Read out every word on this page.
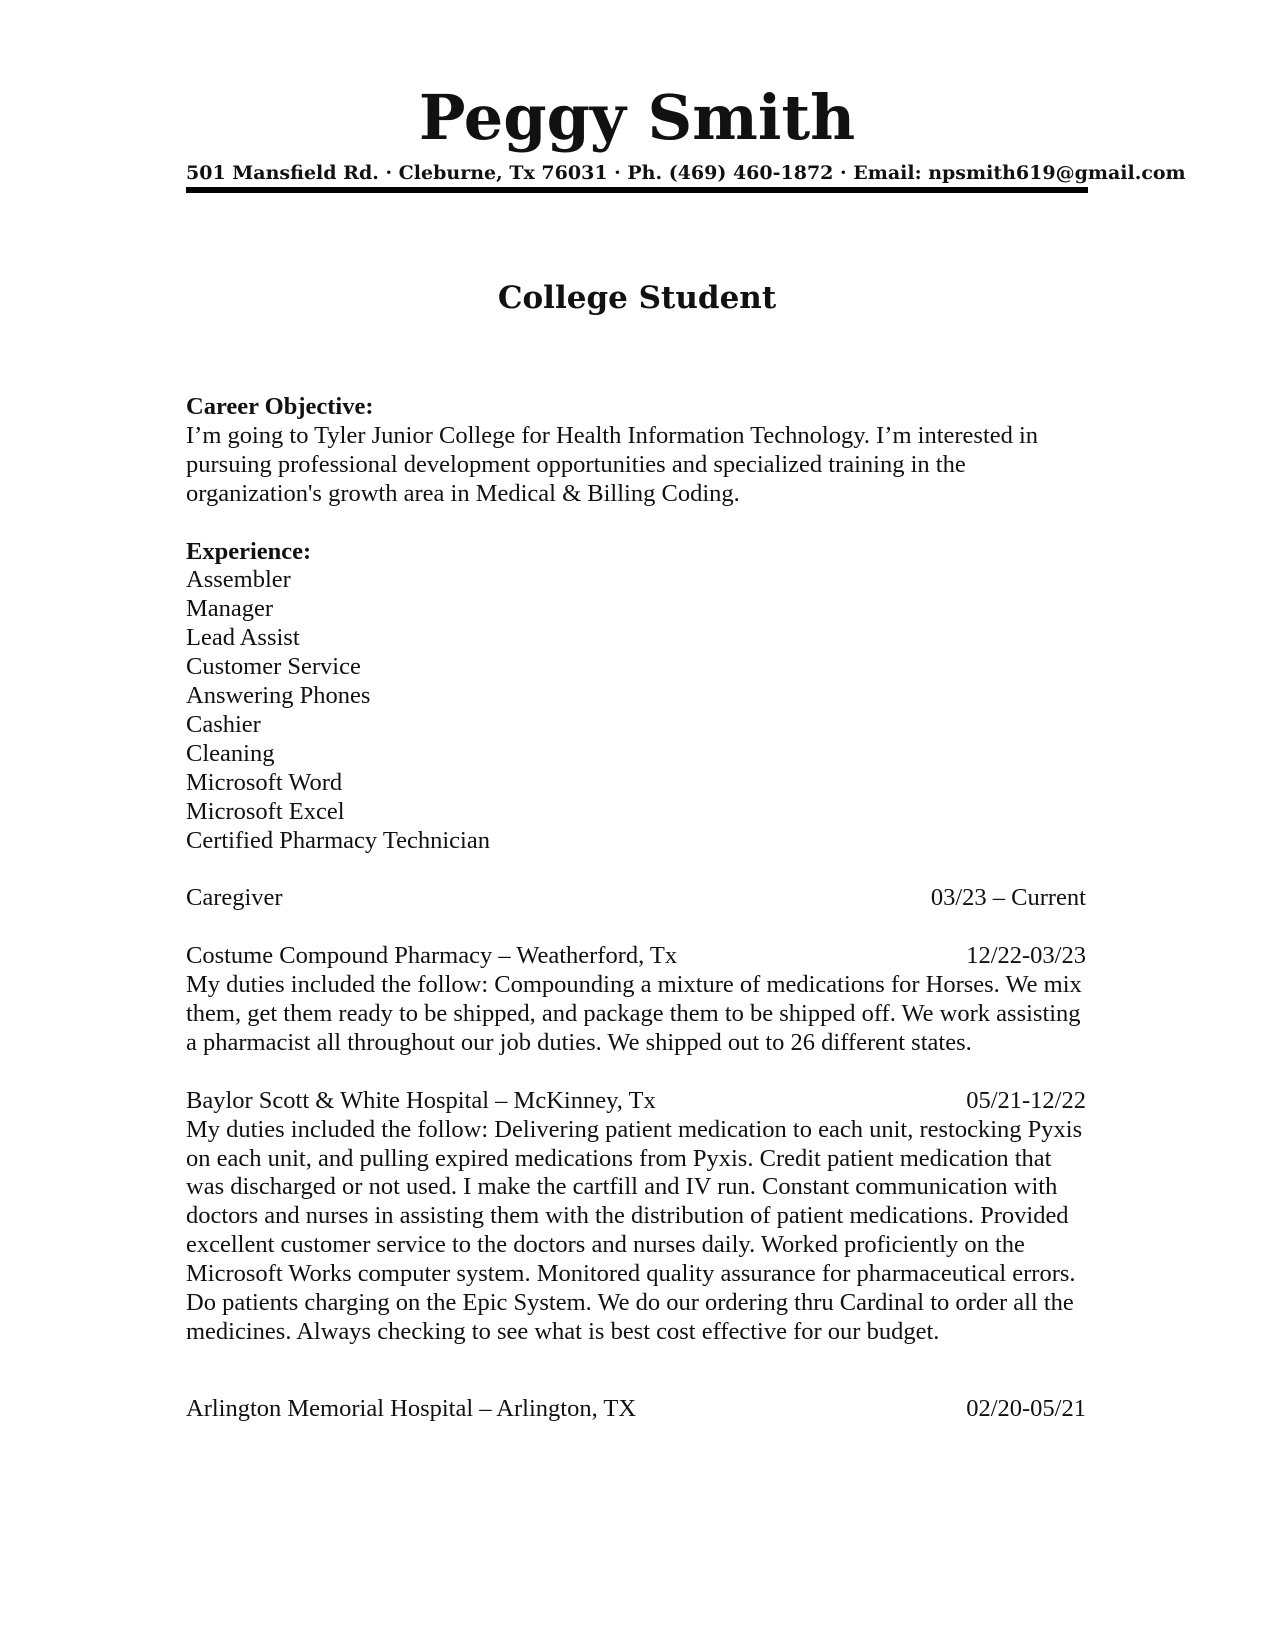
Peggy Smith
501 Mansfield Rd. · Cleburne, Tx 76031 · Ph. (469) 460-1872 · Email: npsmith619@gmail.com
College Student
Career Objective:

I’m going to Tyler Junior College for Health Information Technology. I’m interested in pursuing professional development opportunities and specialized training in the organization's growth area in Medical & Billing Coding.

Experience:
Assembler
Manager
Lead Assist
Customer Service
Answering Phones
Cashier
Cleaning
Microsoft Word
Microsoft Excel
Certified Pharmacy Technician
Caregiver	03/23 – Current
Costume Compound Pharmacy – Weatherford, Tx	12/22-03/23

My duties included the follow: Compounding a mixture of medications for Horses. We mix them, get them ready to be shipped, and package them to be shipped off. We work assisting a pharmacist all throughout our job duties. We shipped out to 26 different states.

Baylor Scott & White Hospital – McKinney, Tx	05/21-12/22

My duties included the follow: Delivering patient medication to each unit, restocking Pyxis on each unit, and pulling expired medications from Pyxis. Credit patient medication that was discharged or not used. I make the cartfill and IV run. Constant communication with doctors and nurses in assisting them with the distribution of patient medications. Provided excellent customer service to the doctors and nurses daily. Worked proficiently on the Microsoft Works computer system. Monitored quality assurance for pharmaceutical errors. Do patients charging on the Epic System. We do our ordering thru Cardinal to order all the medicines. Always checking to see what is best cost effective for our budget.

Arlington Memorial Hospital – Arlington, TX	02/20-05/21
